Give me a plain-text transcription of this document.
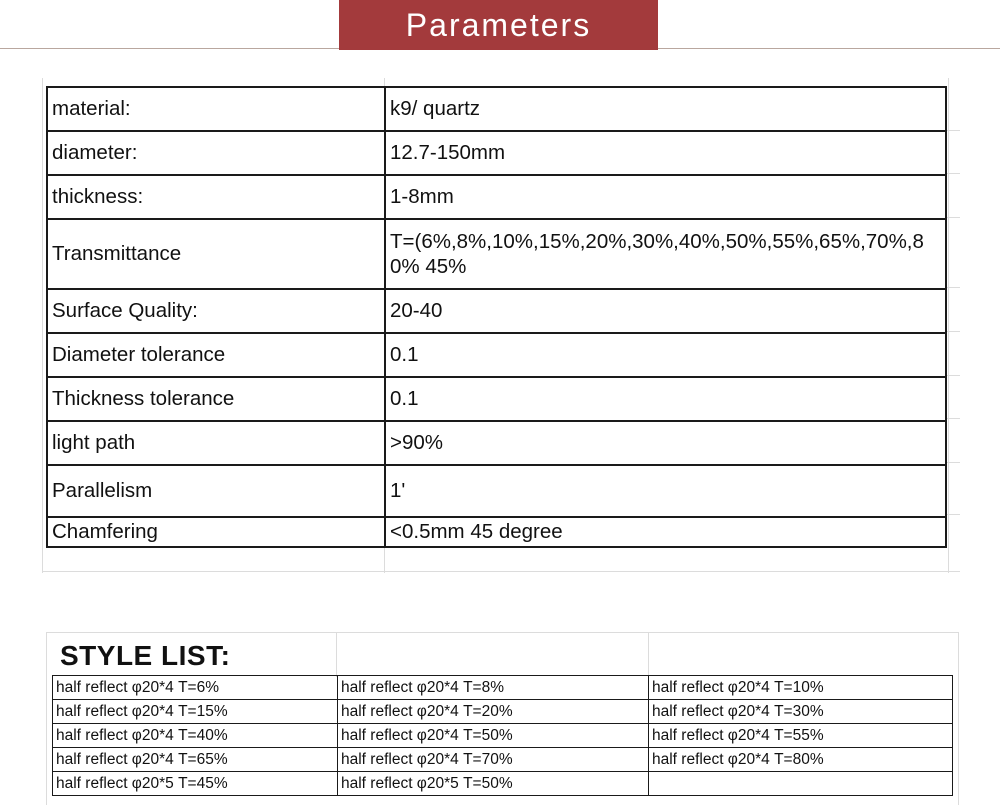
Parameters
material:	k9/ quartz
diameter:	12.7-150mm
thickness:	1-8mm
Transmittance	T=(6%,8%,10%,15%,20%,30%,40%,50%,55%,65%,70%,80% 45%
Surface Quality:	20-40
Diameter tolerance	0.1
Thickness tolerance	0.1
light path	>90%
Parallelism	1'
Chamfering	<0.5mm 45 degree
STYLE LIST:
half reflect φ20*4 T=6%	half reflect φ20*4 T=8%	half reflect φ20*4 T=10%
half reflect φ20*4 T=15%	half reflect φ20*4 T=20%	half reflect φ20*4 T=30%
half reflect φ20*4 T=40%	half reflect φ20*4 T=50%	half reflect φ20*4 T=55%
half reflect φ20*4 T=65%	half reflect φ20*4 T=70%	half reflect φ20*4 T=80%
half reflect φ20*5 T=45%	half reflect φ20*5 T=50%	
